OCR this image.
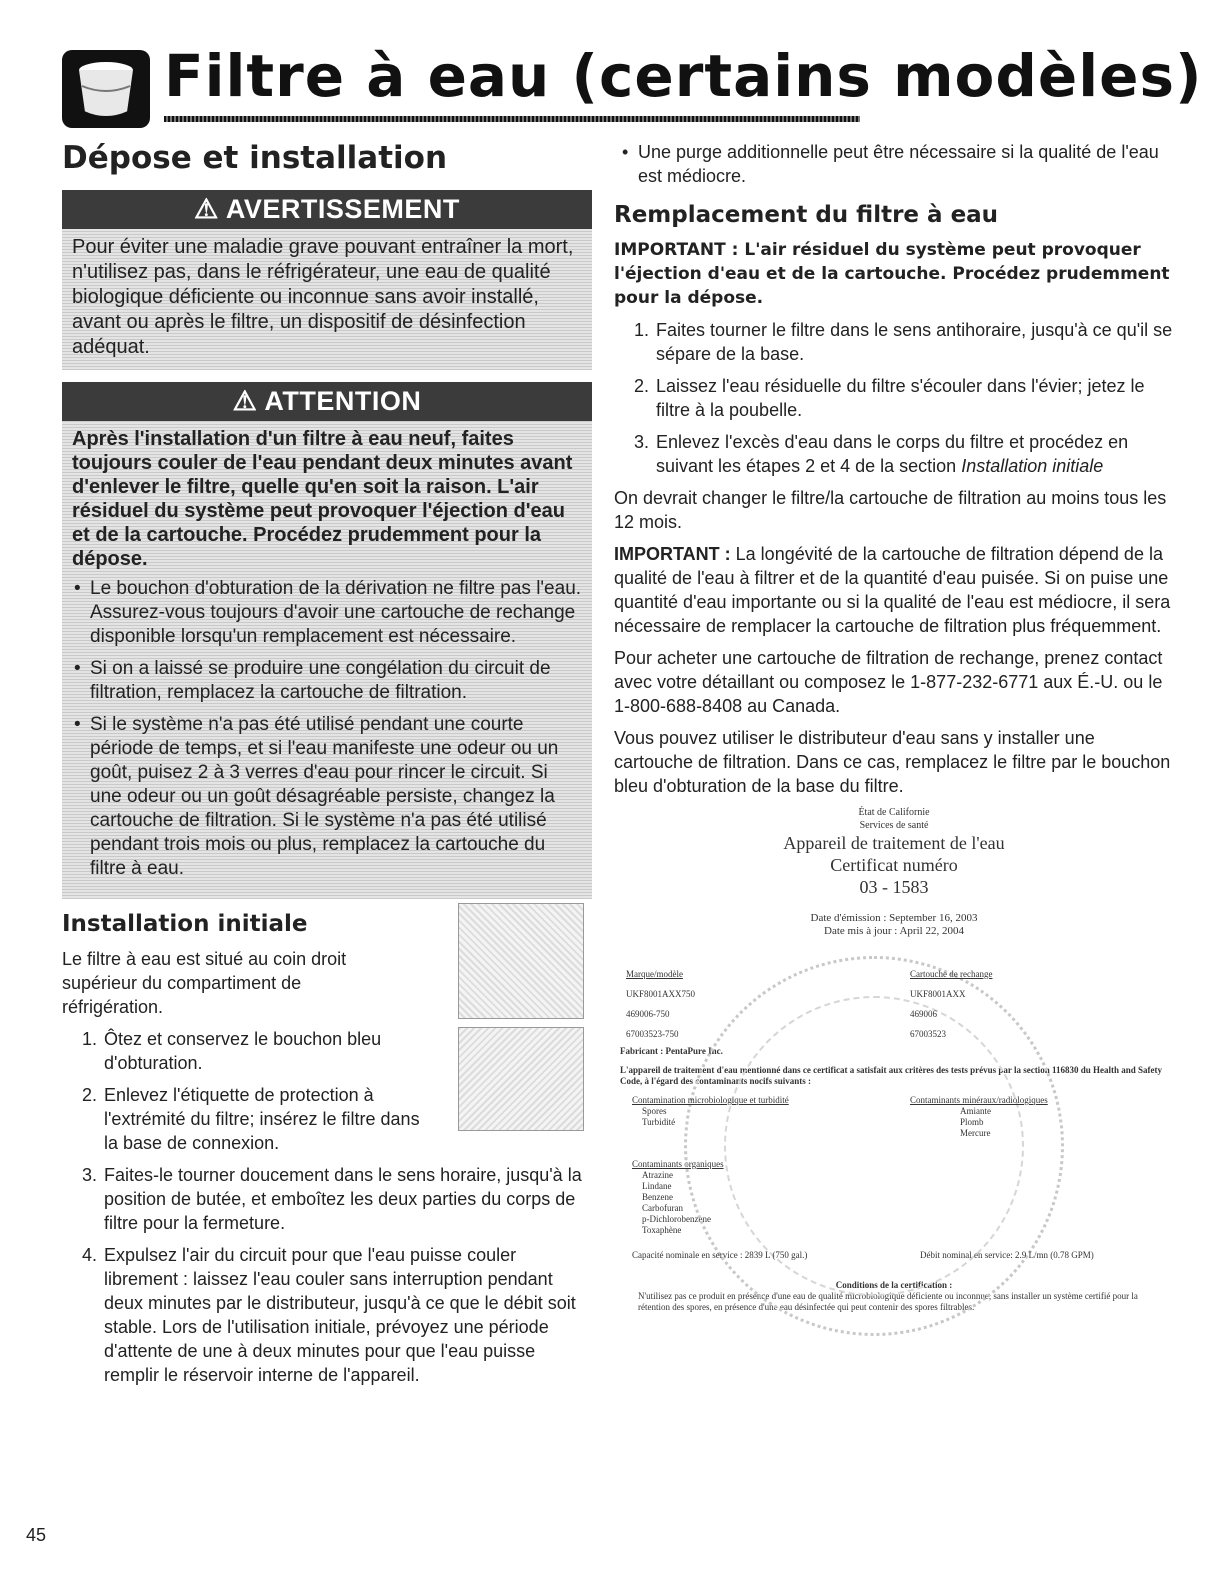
Filtre à eau (certains modèles)
Dépose et installation
⚠ AVERTISSEMENT
Pour éviter une maladie grave pouvant entraîner la mort, n'utilisez pas, dans le réfrigérateur, une eau de qualité biologique déficiente ou inconnue sans avoir installé, avant ou après le filtre, un dispositif de désinfection adéquat.
⚠ ATTENTION
Après l'installation d'un filtre à eau neuf, faites toujours couler de l'eau pendant deux minutes avant d'enlever le filtre, quelle qu'en soit la raison. L'air résiduel du système peut provoquer l'éjection d'eau et de la cartouche. Procédez prudemment pour la dépose.
• Le bouchon d'obturation de la dérivation ne filtre pas l'eau. Assurez-vous toujours d'avoir une cartouche de rechange disponible lorsqu'un remplacement est nécessaire.
• Si on a laissé se produire une congélation du circuit de filtration, remplacez la cartouche de filtration.
• Si le système n'a pas été utilisé pendant une courte période de temps, et si l'eau manifeste une odeur ou un goût, puisez 2 à 3 verres d'eau pour rincer le circuit. Si une odeur ou un goût désagréable persiste, changez la cartouche de filtration. Si le système n'a pas été utilisé pendant trois mois ou plus, remplacez la cartouche du filtre à eau.
Installation initiale
Le filtre à eau est situé au coin droit supérieur du compartiment de réfrigération.
1. Ôtez et conservez le bouchon bleu d'obturation.
2. Enlevez l'étiquette de protection à l'extrémité du filtre; insérez le filtre dans la base de connexion.
3. Faites-le tourner doucement dans le sens horaire, jusqu'à la position de butée, et emboîtez les deux parties du corps de filtre pour la fermeture.
4. Expulsez l'air du circuit pour que l'eau puisse couler librement : laissez l'eau couler sans interruption pendant deux minutes par le distributeur, jusqu'à ce que le débit soit stable. Lors de l'utilisation initiale, prévoyez une période d'attente de une à deux minutes pour que l'eau puisse remplir le réservoir interne de l'appareil.
45
• Une purge additionnelle peut être nécessaire si la qualité de l'eau est médiocre.
Remplacement du filtre à eau
IMPORTANT : L'air résiduel du système peut provoquer l'éjection d'eau et de la cartouche. Procédez prudemment pour la dépose.
1. Faites tourner le filtre dans le sens antihoraire, jusqu'à ce qu'il se sépare de la base.
2. Laissez l'eau résiduelle du filtre s'écouler dans l'évier; jetez le filtre à la poubelle.
3. Enlevez l'excès d'eau dans le corps du filtre et procédez en suivant les étapes 2 et 4 de la section Installation initiale
On devrait changer le filtre/la cartouche de filtration au moins tous les 12 mois.
IMPORTANT : La longévité de la cartouche de filtration dépend de la qualité de l'eau à filtrer et de la quantité d'eau puisée. Si on puise une quantité d'eau importante ou si la qualité de l'eau est médiocre, il sera nécessaire de remplacer la cartouche de filtration plus fréquemment.
Pour acheter une cartouche de filtration de rechange, prenez contact avec votre détaillant ou composez le 1-877-232-6771 aux É.-U. ou le 1-800-688-8408 au Canada.
Vous pouvez utiliser le distributeur d'eau sans y installer une cartouche de filtration. Dans ce cas, remplacez le filtre par le bouchon bleu d'obturation de la base du filtre.
État de Californie
Services de santé
Appareil de traitement de l'eau
Certificat numéro
03 - 1583
Date d'émission : September 16, 2003
Date mis à jour : April 22, 2004
Marque/modèle	Cartouche de rechange

UKF8001AXX750	UKF8001AXX

469006-750	469006

67003523-750	67003523

Fabricant : PentaPure Inc.
L'appareil de traitement d'eau mentionné dans ce certificat a satisfait aux critères des tests prévus par la section 116830 du Health and Safety Code, à l'égard des contaminants nocifs suivants :
Contamination microbiologique et turbidité
Spores
Turbidité
Contaminants minéraux/radiologiques
Amiante
Plomb
Mercure
Contaminants organiques
Atrazine
Lindane
Benzene
Carbofuran
p-Dichlorobenzene
Toxaphène
Capacité nominale en service : 2839 L (750 gal.)	Débit nominal en service: 2.9 L/mn (0.78 GPM)
Conditions de la certification :
N'utilisez pas ce produit en présence d'une eau de qualité microbiologique déficiente ou inconnue, sans installer un système certifié pour la rétention des spores, en présence d'une eau désinfectée qui peut contenir des spores filtrables.
